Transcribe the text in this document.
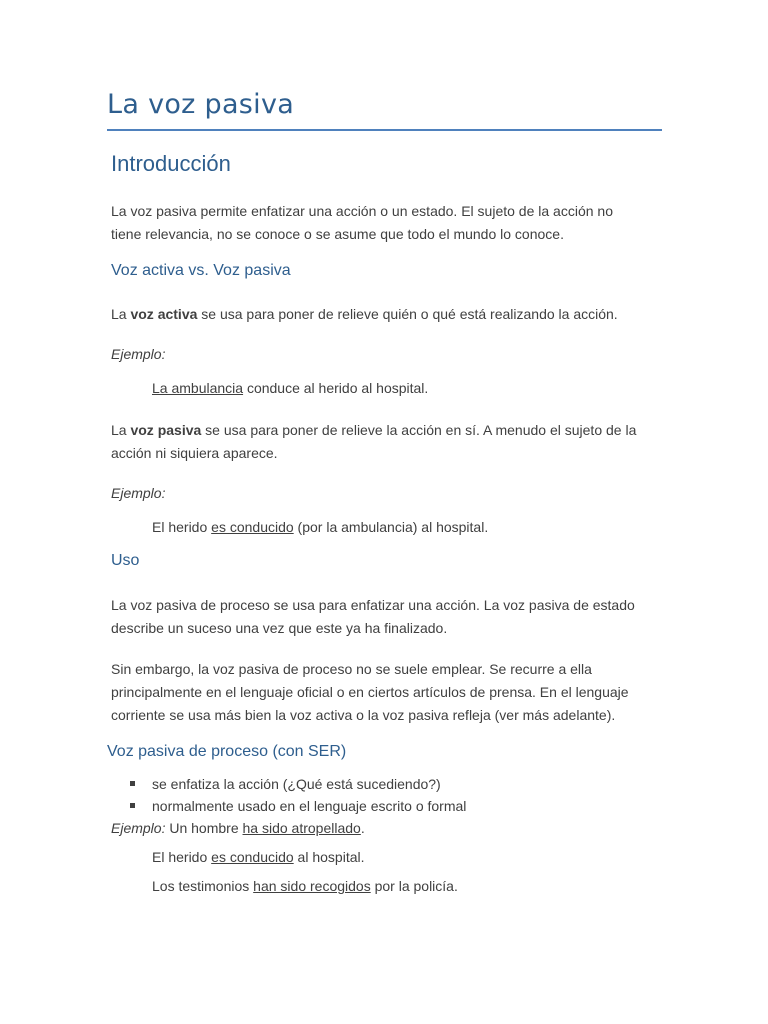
La voz pasiva
Introducción
La voz pasiva permite enfatizar una acción o un estado. El sujeto de la acción no
tiene relevancia, no se conoce o se asume que todo el mundo lo conoce.
Voz activa vs. Voz pasiva
La voz activa se usa para poner de relieve quién o qué está realizando la acción.
Ejemplo:
La ambulancia conduce al herido al hospital.
La voz pasiva se usa para poner de relieve la acción en sí. A menudo el sujeto de la
acción ni siquiera aparece.
Ejemplo:
El herido es conducido (por la ambulancia) al hospital.
Uso
La voz pasiva de proceso se usa para enfatizar una acción. La voz pasiva de estado
describe un suceso una vez que este ya ha finalizado.
Sin embargo, la voz pasiva de proceso no se suele emplear. Se recurre a ella
principalmente en el lenguaje oficial o en ciertos artículos de prensa. En el lenguaje
corriente se usa más bien la voz activa o la voz pasiva refleja (ver más adelante).
Voz pasiva de proceso (con SER)
se enfatiza la acción (¿Qué está sucediendo?)
normalmente usado en el lenguaje escrito o formal
Ejemplo: Un hombre ha sido atropellado.
El herido es conducido al hospital.
Los testimonios han sido recogidos por la policía.
